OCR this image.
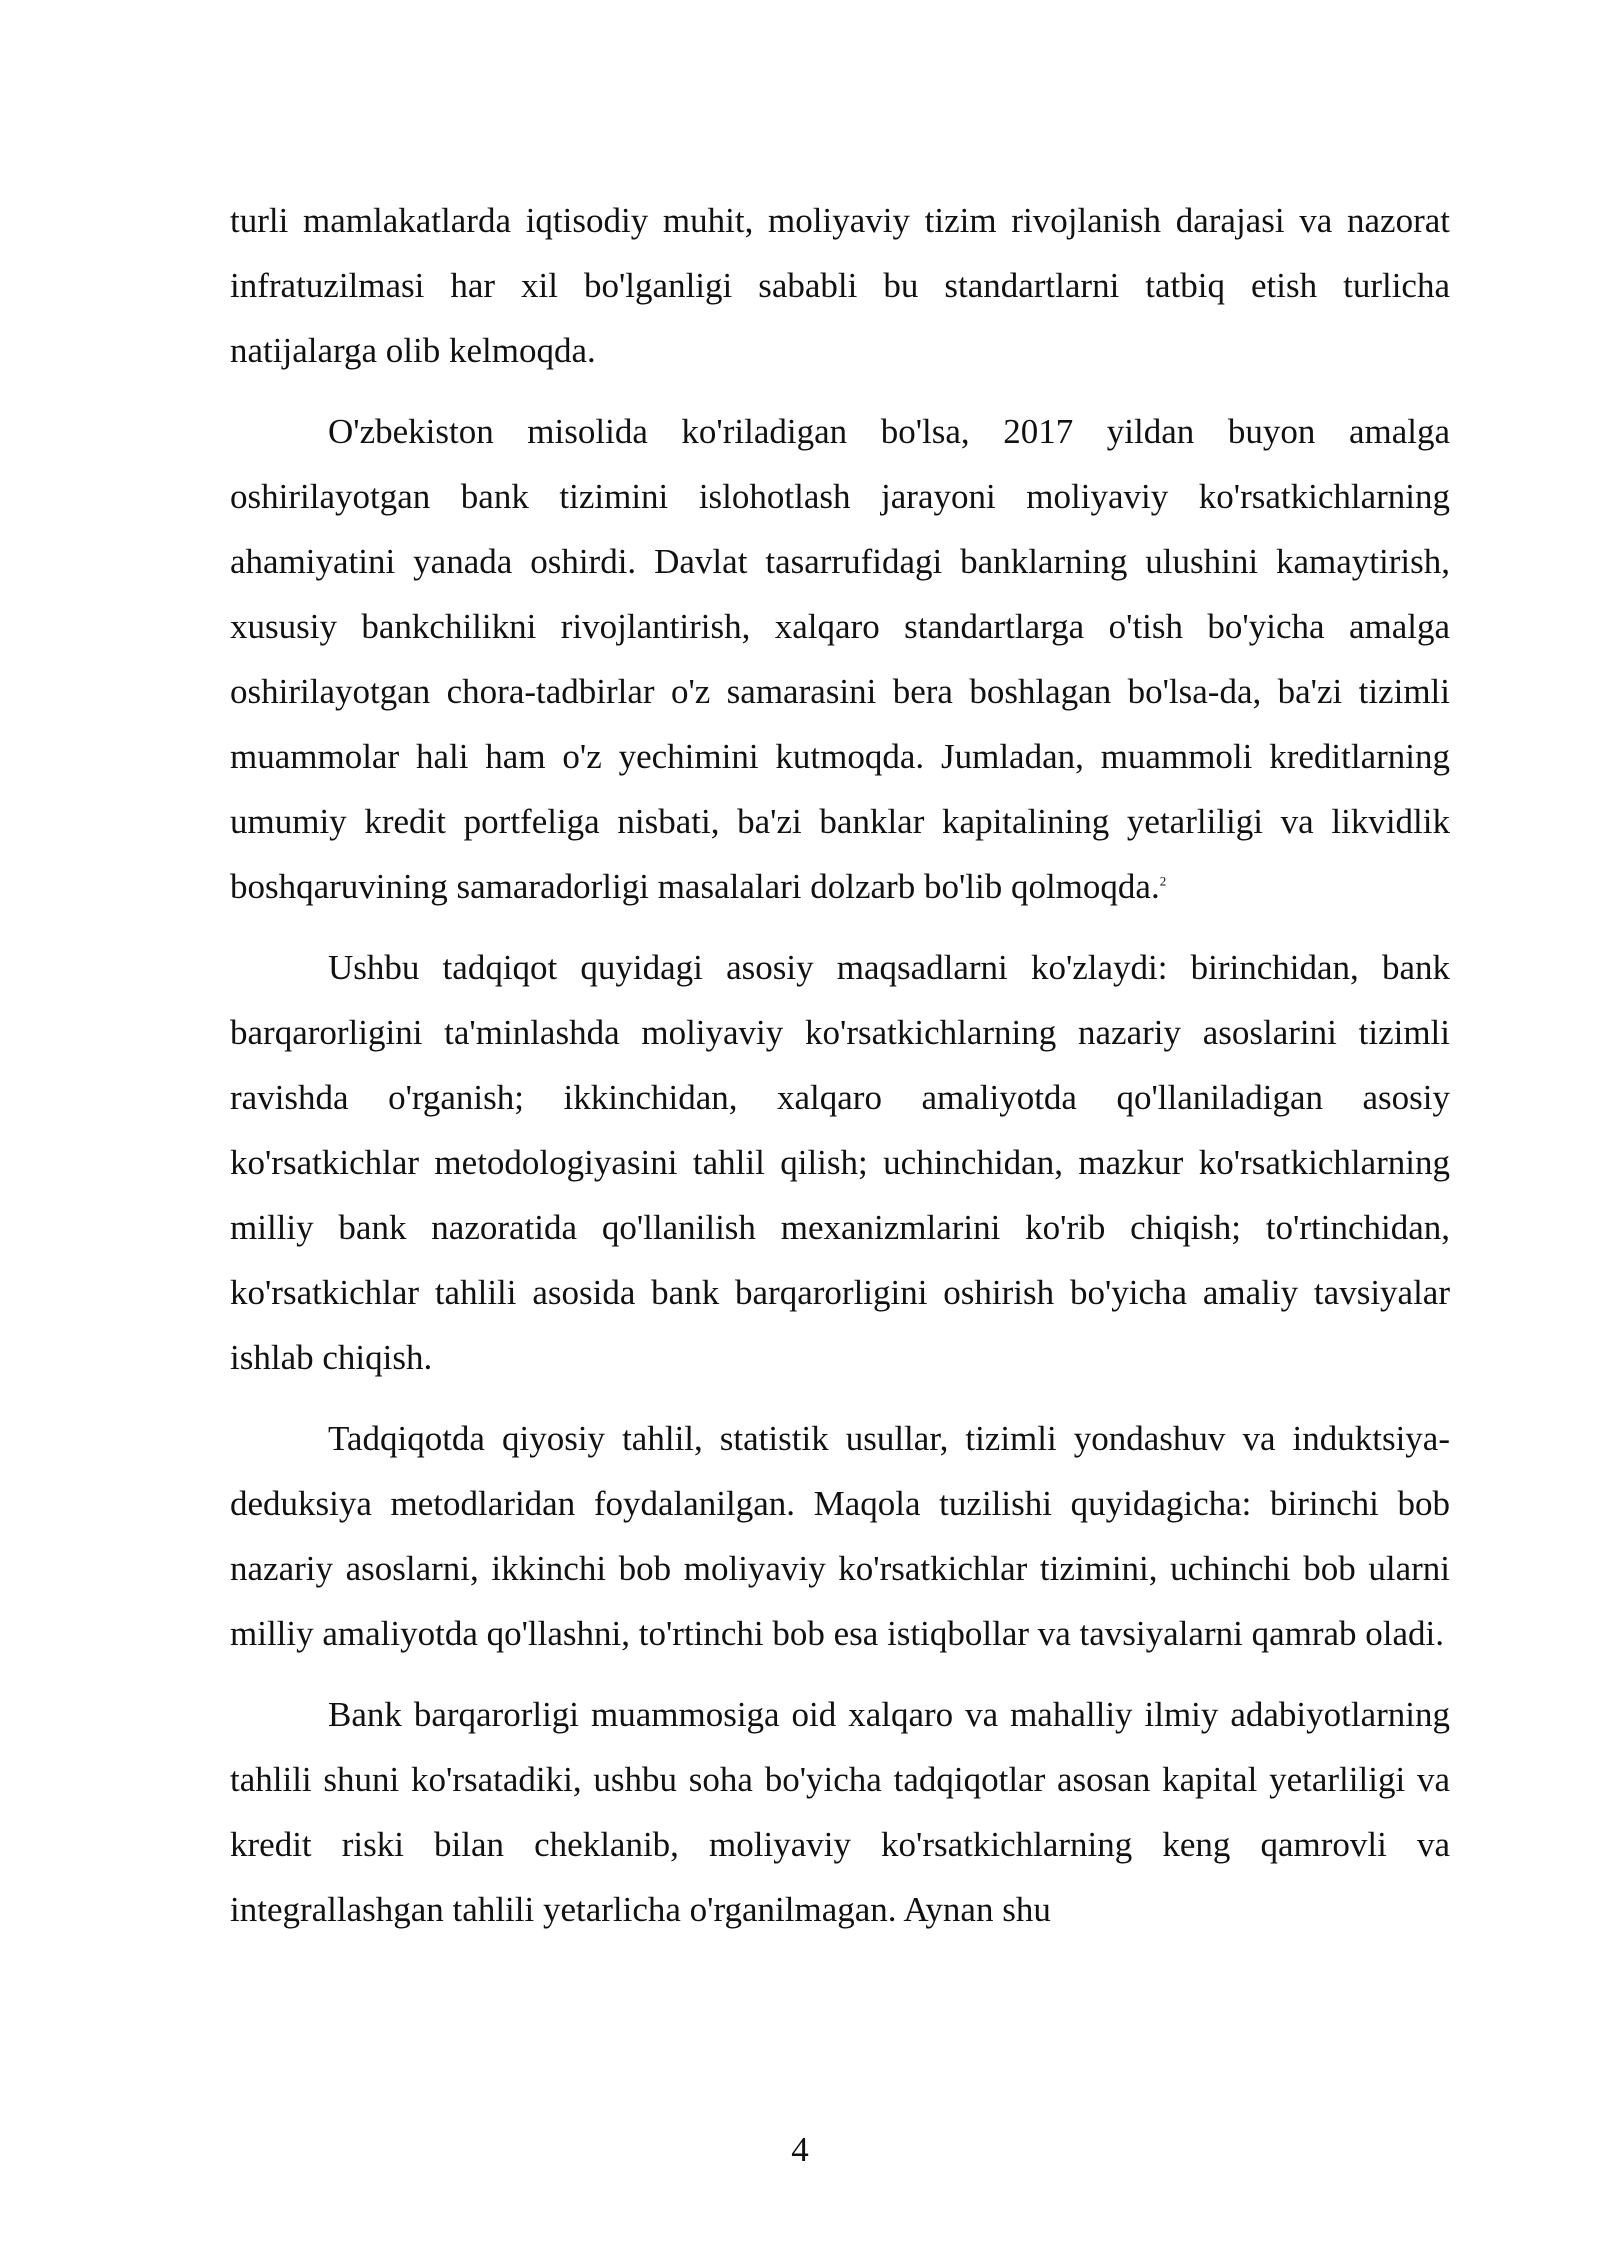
turli mamlakatlarda iqtisodiy muhit, moliyaviy tizim rivojlanish darajasi va nazorat infratuzilmasi har xil bo'lganligi sababli bu standartlarni tatbiq etish turlicha natijalarga olib kelmoqda.

O'zbekiston misolida ko'riladigan bo'lsa, 2017 yildan buyon amalga oshirilayotgan bank tizimini islohotlash jarayoni moliyaviy ko'rsatkichlarning ahamiyatini yanada oshirdi. Davlat tasarrufidagi banklarning ulushini kamaytirish, xususiy bankchilikni rivojlantirish, xalqaro standartlarga o'tish bo'yicha amalga oshirilayotgan chora-tadbirlar o'z samarasini bera boshlagan bo'lsa-da, ba'zi tizimli muammolar hali ham o'z yechimini kutmoqda. Jumladan, muammoli kreditlarning umumiy kredit portfeliga nisbati, ba'zi banklar kapitalining yetarliligi va likvidlik boshqaruvining samaradorligi masalalari dolzarb bo'lib qolmoqda.$^2$

Ushbu tadqiqot quyidagi asosiy maqsadlarni ko'zlaydi: birinchidan, bank barqarorligini ta'minlashda moliyaviy ko'rsatkichlarning nazariy asoslarini tizimli ravishda o'rganish; ikkinchidan, xalqaro amaliyotda qo'llaniladigan asosiy ko'rsatkichlar metodologiyasini tahlil qilish; uchinchidan, mazkur ko'rsatkichlarning milliy bank nazoratida qo'llanilish mexanizmlarini ko'rib chiqish; to'rtinchidan, ko'rsatkichlar tahlili asosida bank barqarorligini oshirish bo'yicha amaliy tavsiyalar ishlab chiqish.

Tadqiqotda qiyosiy tahlil, statistik usullar, tizimli yondashuv va induktsiya-deduksiya metodlaridan foydalanilgan. Maqola tuzilishi quyidagicha: birinchi bob nazariy asoslarni, ikkinchi bob moliyaviy ko'rsatkichlar tizimini, uchinchi bob ularni milliy amaliyotda qo'llashni, to'rtinchi bob esa istiqbollar va tavsiyalarni qamrab oladi.

Bank barqarorligi muammosiga oid xalqaro va mahalliy ilmiy adabiyotlarning tahlili shuni ko'rsatadiki, ushbu soha bo'yicha tadqiqotlar asosan kapital yetarliligi va kredit riski bilan cheklanib, moliyaviy ko'rsatkichlarning keng qamrovli va integrallashgan tahlili yetarlicha o'rganilmagan. Aynan shu

4
